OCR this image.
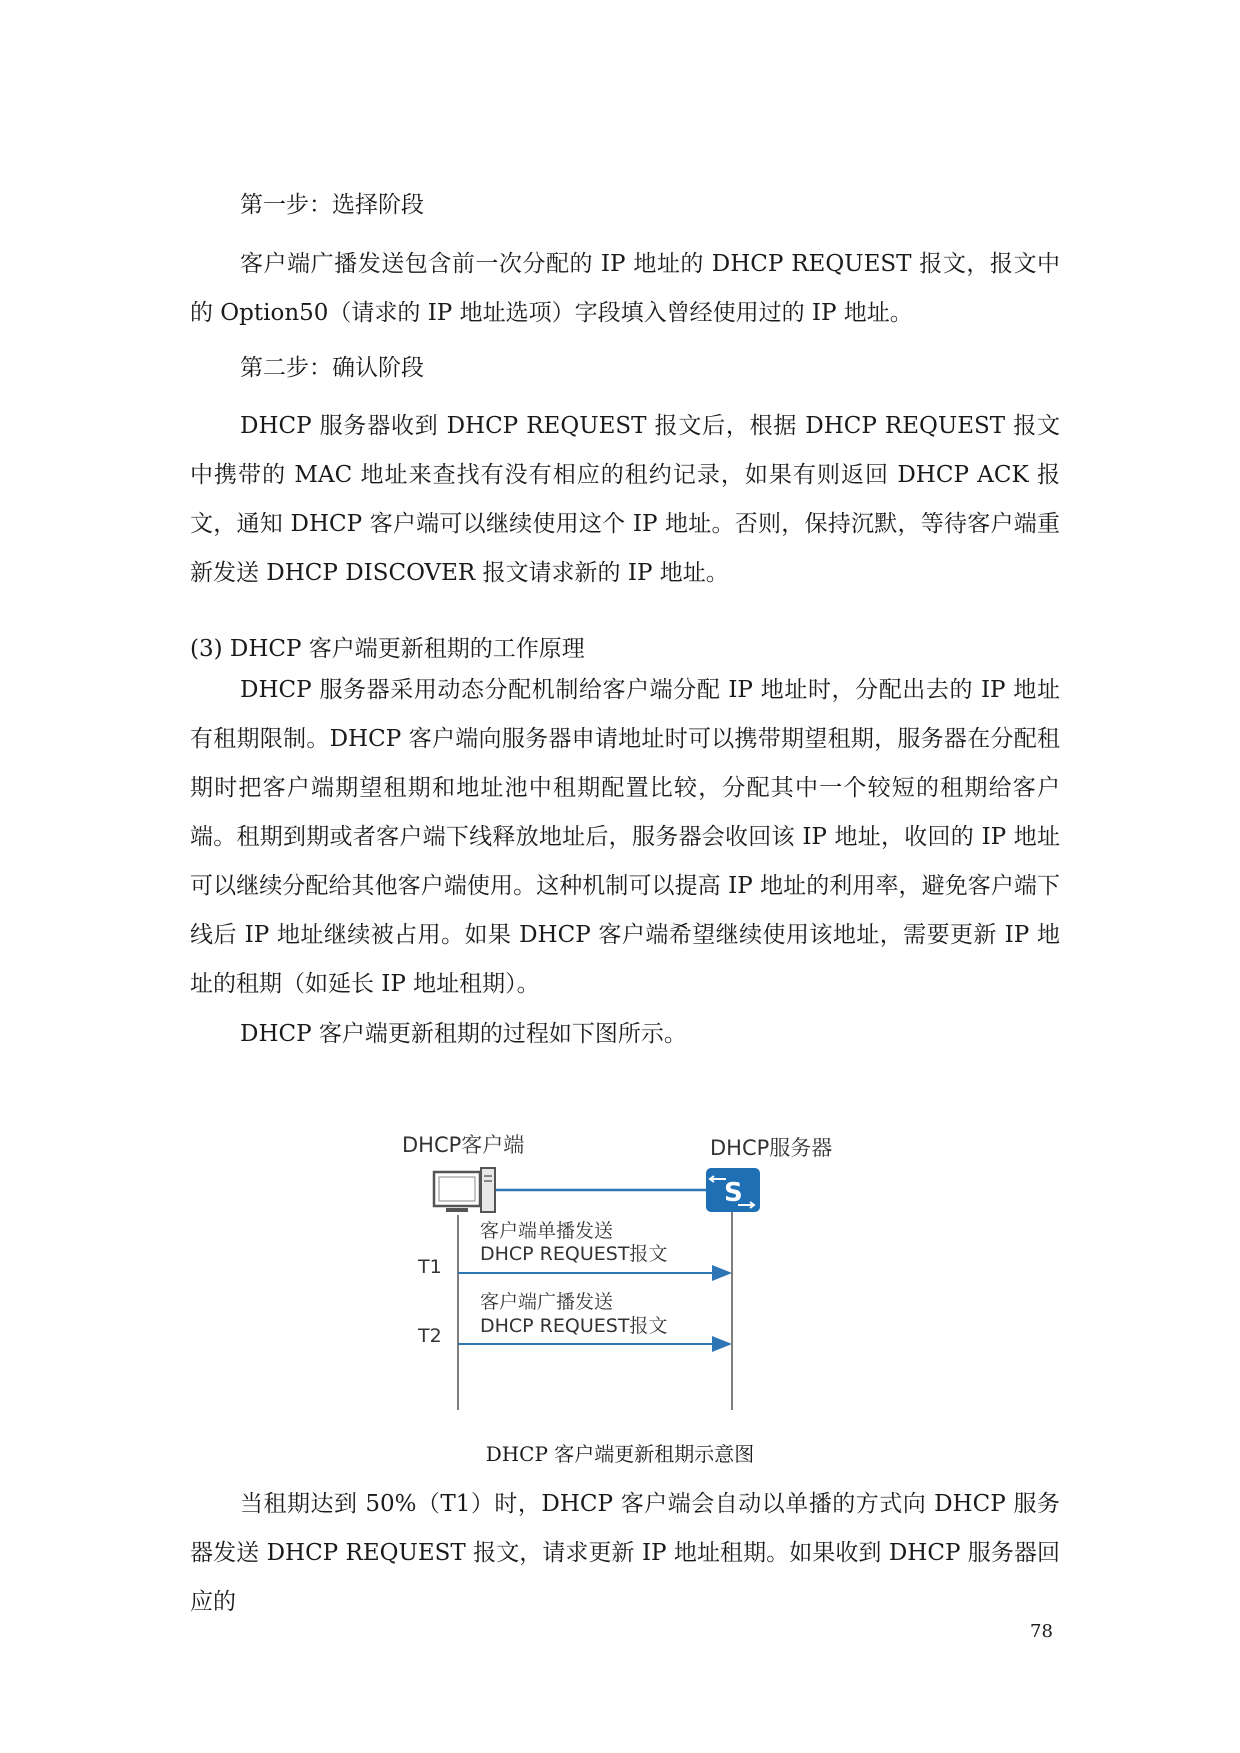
第一步：选择阶段

客户端广播发送包含前一次分配的 IP 地址的 DHCP REQUEST 报文，报文中的 Option50（请求的 IP 地址选项）字段填入曾经使用过的 IP 地址。

第二步：确认阶段

DHCP 服务器收到 DHCP REQUEST 报文后，根据 DHCP REQUEST 报文中携带的 MAC 地址来查找有没有相应的租约记录，如果有则返回 DHCP ACK 报文，通知 DHCP 客户端可以继续使用这个 IP 地址。否则，保持沉默，等待客户端重新发送 DHCP DISCOVER 报文请求新的 IP 地址。

(3) DHCP 客户端更新租期的工作原理

DHCP 服务器采用动态分配机制给客户端分配 IP 地址时，分配出去的 IP 地址有租期限制。DHCP 客户端向服务器申请地址时可以携带期望租期，服务器在分配租期时把客户端期望租期和地址池中租期配置比较，分配其中一个较短的租期给客户端。租期到期或者客户端下线释放地址后，服务器会收回该 IP 地址，收回的 IP 地址可以继续分配给其他客户端使用。这种机制可以提高 IP 地址的利用率，避免客户端下线后 IP 地址继续被占用。如果 DHCP 客户端希望继续使用该地址，需要更新 IP 地址的租期（如延长 IP 地址租期）。

DHCP 客户端更新租期的过程如下图所示。

DHCP客户端	DHCP服务器
S
客户端单播发送
DHCP REQUEST报文
T1
客户端广播发送
DHCP REQUEST报文
T2

DHCP 客户端更新租期示意图

当租期达到 50%（T1）时，DHCP 客户端会自动以单播的方式向 DHCP 服务器发送 DHCP REQUEST 报文，请求更新 IP 地址租期。如果收到 DHCP 服务器回应的

78
